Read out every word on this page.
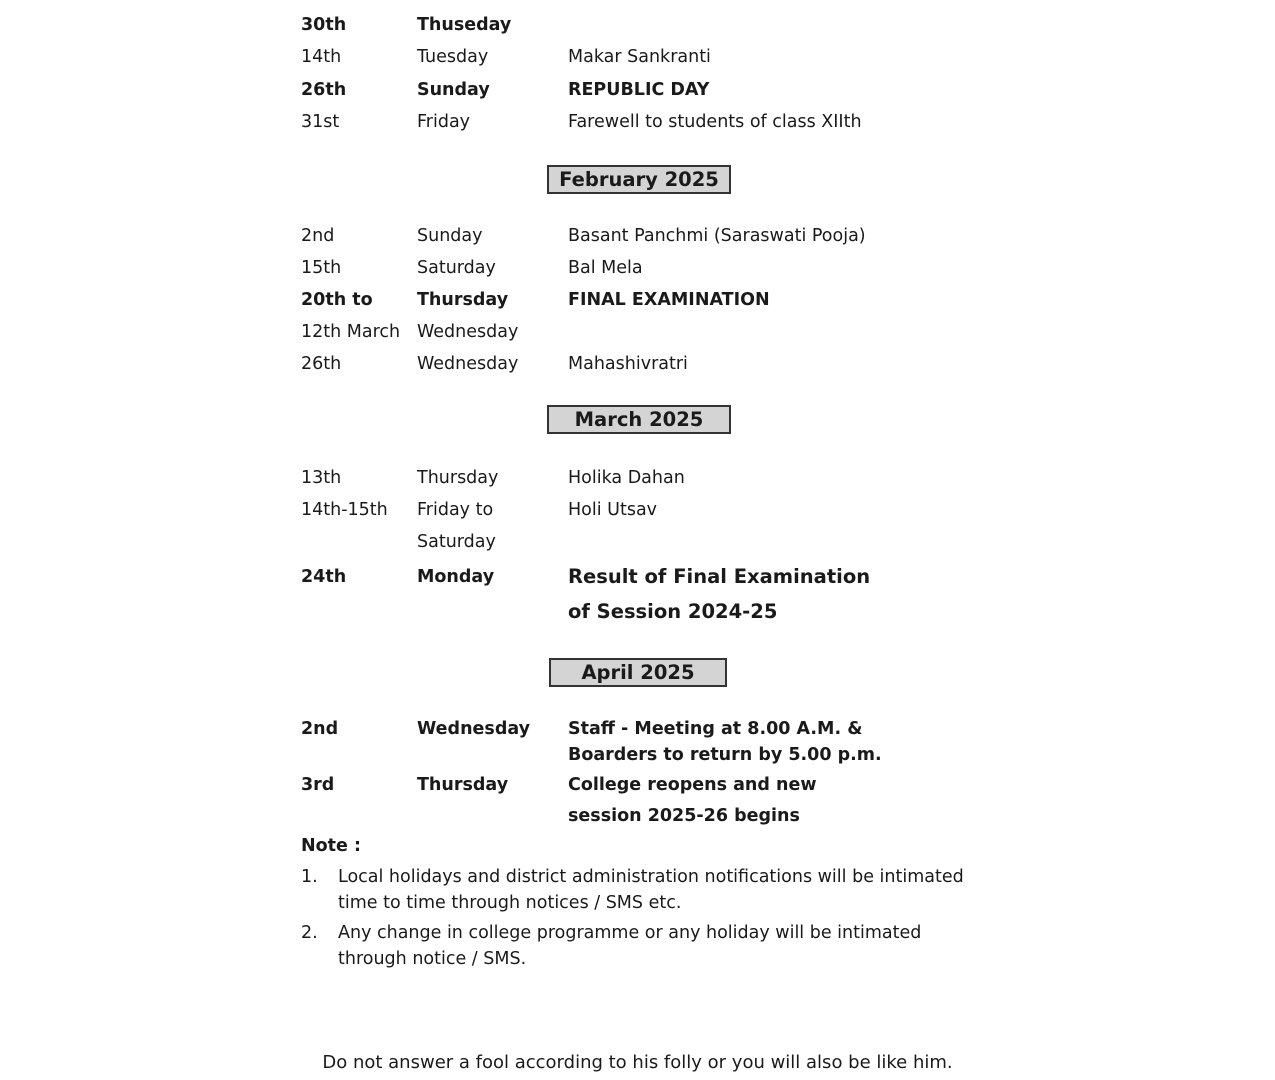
30th	Thuseday
14th	Tuesday	Makar Sankranti
26th	Sunday	REPUBLIC DAY
31st	Friday	Farewell to students of class XIIth
February 2025
2nd	Sunday	Basant Panchmi (Saraswati Pooja)
15th	Saturday	Bal Mela
20th to	Thursday	FINAL EXAMINATION
12th March Wednesday
26th	Wednesday	Mahashivratri
March 2025
13th	Thursday	Holika Dahan
14th-15th Friday to	Holi Utsav
Saturday
24th	Monday	Result of Final Examination
of Session 2024-25
April 2025
2nd	Wednesday Staff - Meeting at 8.00 A.M. &
Boarders to return by 5.00 p.m.
3rd	Thursday	College reopens and new
session 2025-26 begins
Note :
1. Local holidays and district administration notifications will be intimated time to time through notices / SMS etc.
2. Any change in college programme or any holiday will be intimated through notice / SMS.
Do not answer a fool according to his folly or you will also be like him.
